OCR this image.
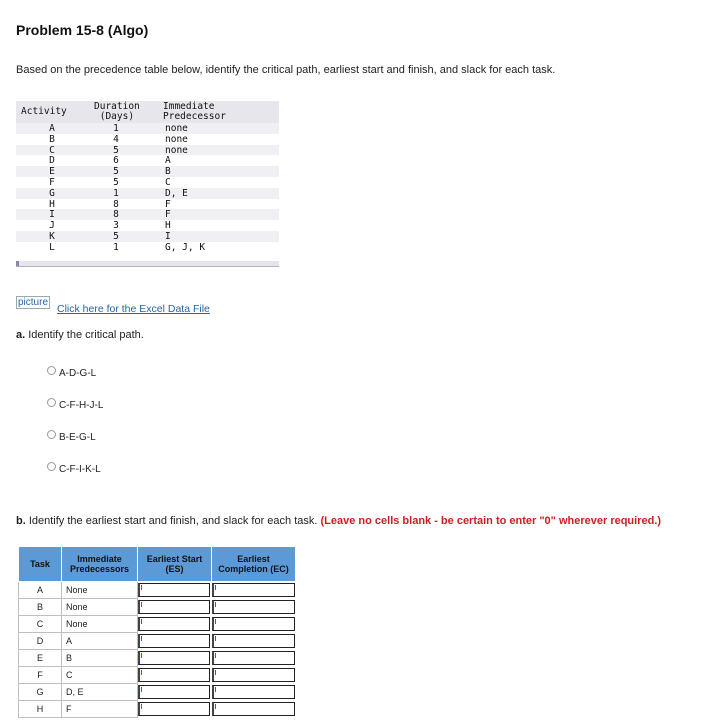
Problem 15-8 (Algo)
Based on the precedence table below, identify the critical path, earliest start and finish, and slack for each task.
Activity	Duration
(Days)
Immediate
Predecessor
A	1	none
B	4	none
C	5	none
D	6	A
E	5	B
F	5	C
G	1	D, E
H	8	F
I	8	F
J	3	H
K	5	I
L	1	G, J, K
picture
Click here for the Excel Data File
a. Identify the critical path.
A-D-G-L
C-F-H-J-L
B-E-G-L
C-F-I-K-L
b. Identify the earliest start and finish, and slack for each task. (Leave no cells blank - be certain to enter "0" wherever required.)
Task	Immediate Predecessors	Earliest Start (ES)	Earliest Completion (EC)
A	None	

B	None	

C	None	

D	A	

E	B	

F	C	

G	D, E	

H	F	
